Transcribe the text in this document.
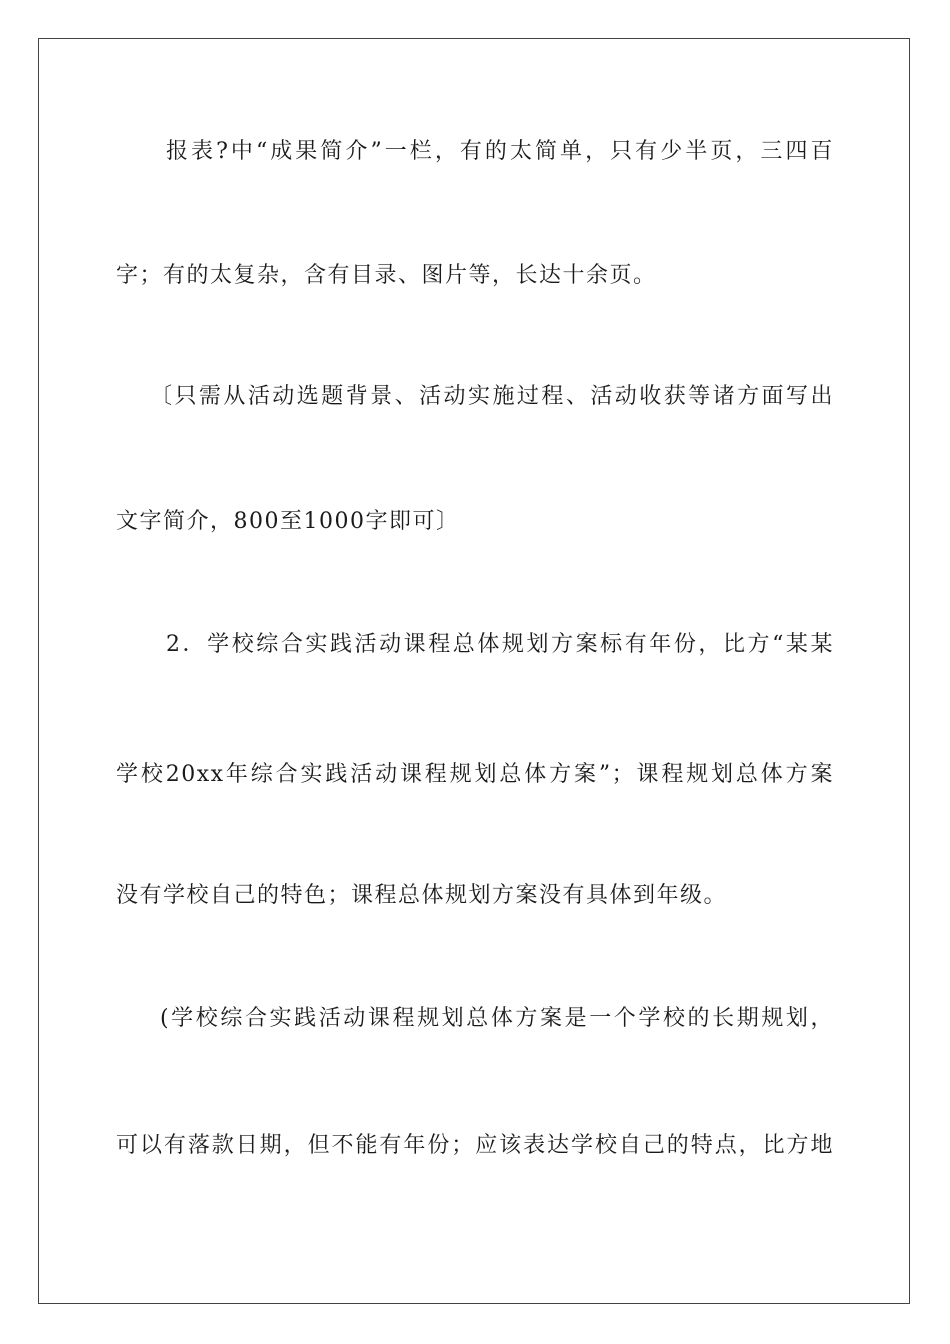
报表?中“成果简介”一栏，有的太简单，只有少半页，三四百
字；有的太复杂，含有目录、图片等，长达十余页。
〔只需从活动选题背景、活动实施过程、活动收获等诸方面写出
文字简介，800至1000字即可〕
2．学校综合实践活动课程总体规划方案标有年份，比方“某某
学校20xx年综合实践活动课程规划总体方案”；课程规划总体方案
没有学校自己的特色；课程总体规划方案没有具体到年级。
(学校综合实践活动课程规划总体方案是一个学校的长期规划，
可以有落款日期，但不能有年份；应该表达学校自己的特点，比方地
